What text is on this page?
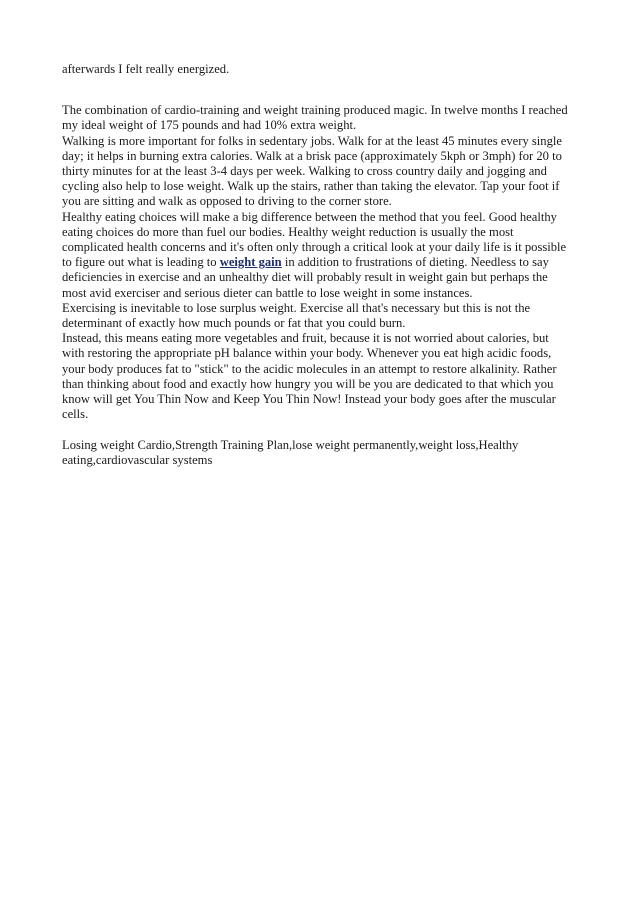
afterwards I felt really energized.
The combination of cardio-training and weight training produced magic. In twelve months I reached
my ideal weight of 175 pounds and had 10% extra weight.
Walking is more important for folks in sedentary jobs. Walk for at the least 45 minutes every single
day; it helps in burning extra calories. Walk at a brisk pace (approximately 5kph or 3mph) for 20 to
thirty minutes for at the least 3-4 days per week. Walking to cross country daily and jogging and
cycling also help to lose weight. Walk up the stairs, rather than taking the elevator. Tap your foot if
you are sitting and walk as opposed to driving to the corner store.
Healthy eating choices will make a big difference between the method that you feel. Good healthy
eating choices do more than fuel our bodies. Healthy weight reduction is usually the most
complicated health concerns and it's often only through a critical look at your daily life is it possible
to figure out what is leading to weight gain in addition to frustrations of dieting. Needless to say
deficiencies in exercise and an unhealthy diet will probably result in weight gain but perhaps the
most avid exerciser and serious dieter can battle to lose weight in some instances.
Exercising is inevitable to lose surplus weight. Exercise all that's necessary but this is not the
determinant of exactly how much pounds or fat that you could burn.
Instead, this means eating more vegetables and fruit, because it is not worried about calories, but
with restoring the appropriate pH balance within your body. Whenever you eat high acidic foods,
your body produces fat to "stick" to the acidic molecules in an attempt to restore alkalinity. Rather
than thinking about food and exactly how hungry you will be you are dedicated to that which you
know will get You Thin Now and Keep You Thin Now! Instead your body goes after the muscular
cells.
Losing weight Cardio,Strength Training Plan,lose weight permanently,weight loss,Healthy
eating,cardiovascular systems
